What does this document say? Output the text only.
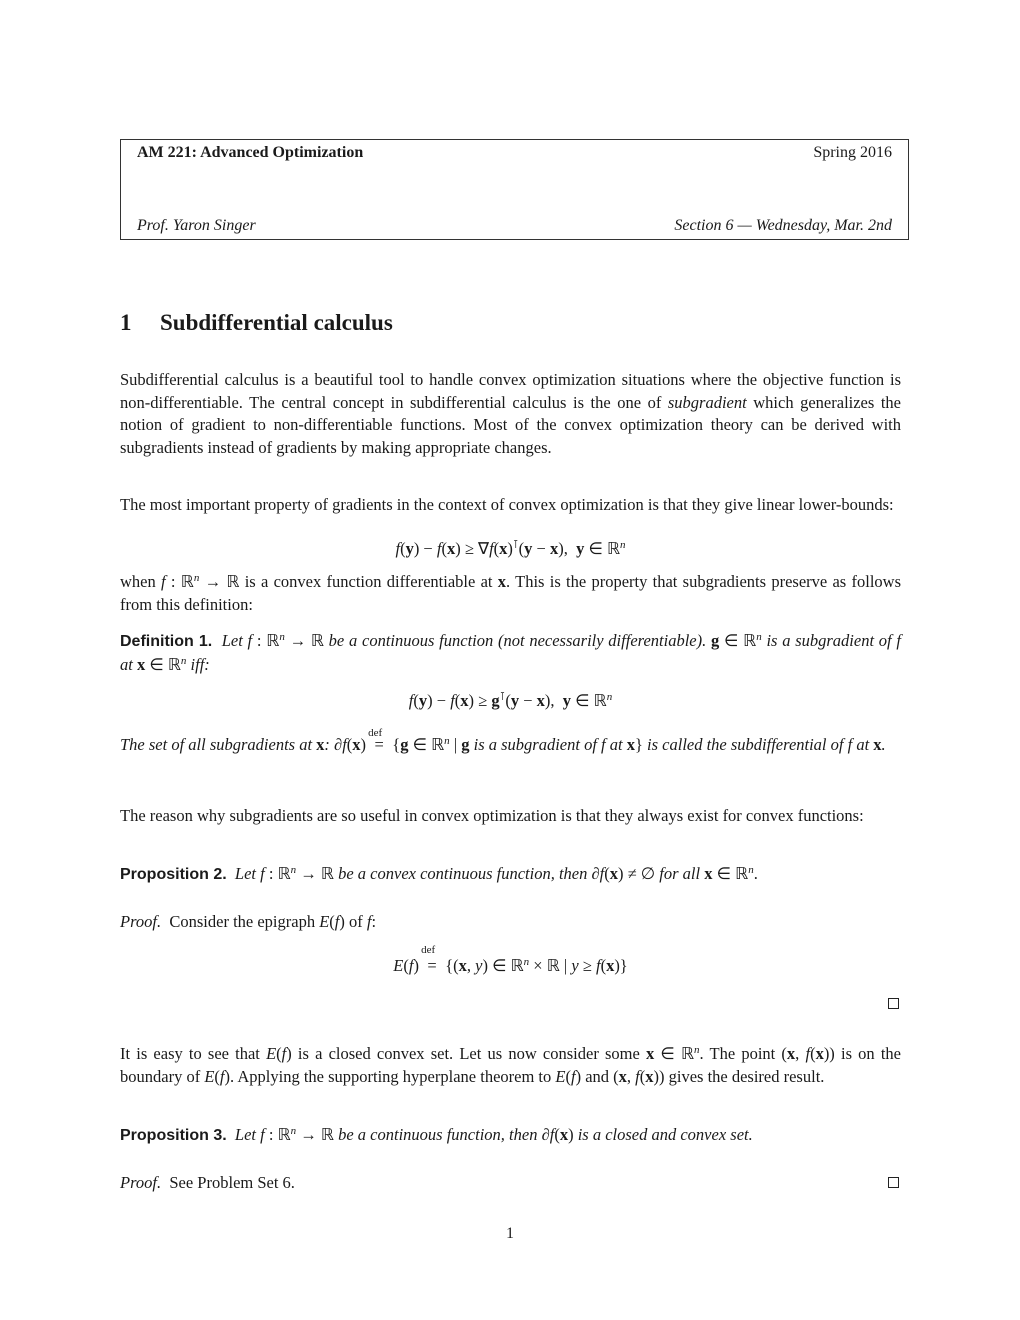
AM 221: Advanced Optimization	Spring 2016
Prof. Yaron Singer	Section 6 — Wednesday, Mar. 2nd
1 Subdifferential calculus
Subdifferential calculus is a beautiful tool to handle convex optimization situations where the objective function is non-differentiable. The central concept in subdifferential calculus is the one of subgradient which generalizes the notion of gradient to non-differentiable functions. Most of the convex optimization theory can be derived with subgradients instead of gradients by making appropriate changes.
The most important property of gradients in the context of convex optimization is that they give linear lower-bounds:
f(y) − f(x) ≥ ∇f(x)⊺(y − x),  y ∈ ℝ$^n$
when f : ℝ$^n$ → ℝ is a convex function differentiable at x. This is the property that subgradients preserve as follows from this definition:
Definition 1. Let f : ℝ$^n$ → ℝ be a continuous function (not necessarily differentiable). g ∈ ℝ$^n$ is a subgradient of f at x ∈ ℝ$^n$ iff:
f(y) − f(x) ≥ g⊺(y − x),  y ∈ ℝ$^n$
The set of all subgradients at x: ∂f(x)
def
= {g ∈ ℝ$^n$ | g is a subgradient of f at x} is called the subdifferential of f at x.
The reason why subgradients are so useful in convex optimization is that they always exist for convex functions:
Proposition 2. Let f : ℝ$^n$ → ℝ be a convex continuous function, then ∂f(x) ≠ ∅ for all x ∈ ℝ$^n$.
Proof. Consider the epigraph E(f) of f:
E(f)
def
= {(x, y) ∈ ℝ$^n$ × ℝ | y ≥ f(x)}
It is easy to see that E(f) is a closed convex set. Let us now consider some x ∈ ℝ$^n$. The point (x, f(x)) is on the boundary of E(f). Applying the supporting hyperplane theorem to E(f) and (x, f(x)) gives the desired result.
Proposition 3. Let f : ℝ$^n$ → ℝ be a continuous function, then ∂f(x) is a closed and convex set.
Proof. See Problem Set 6.
1
